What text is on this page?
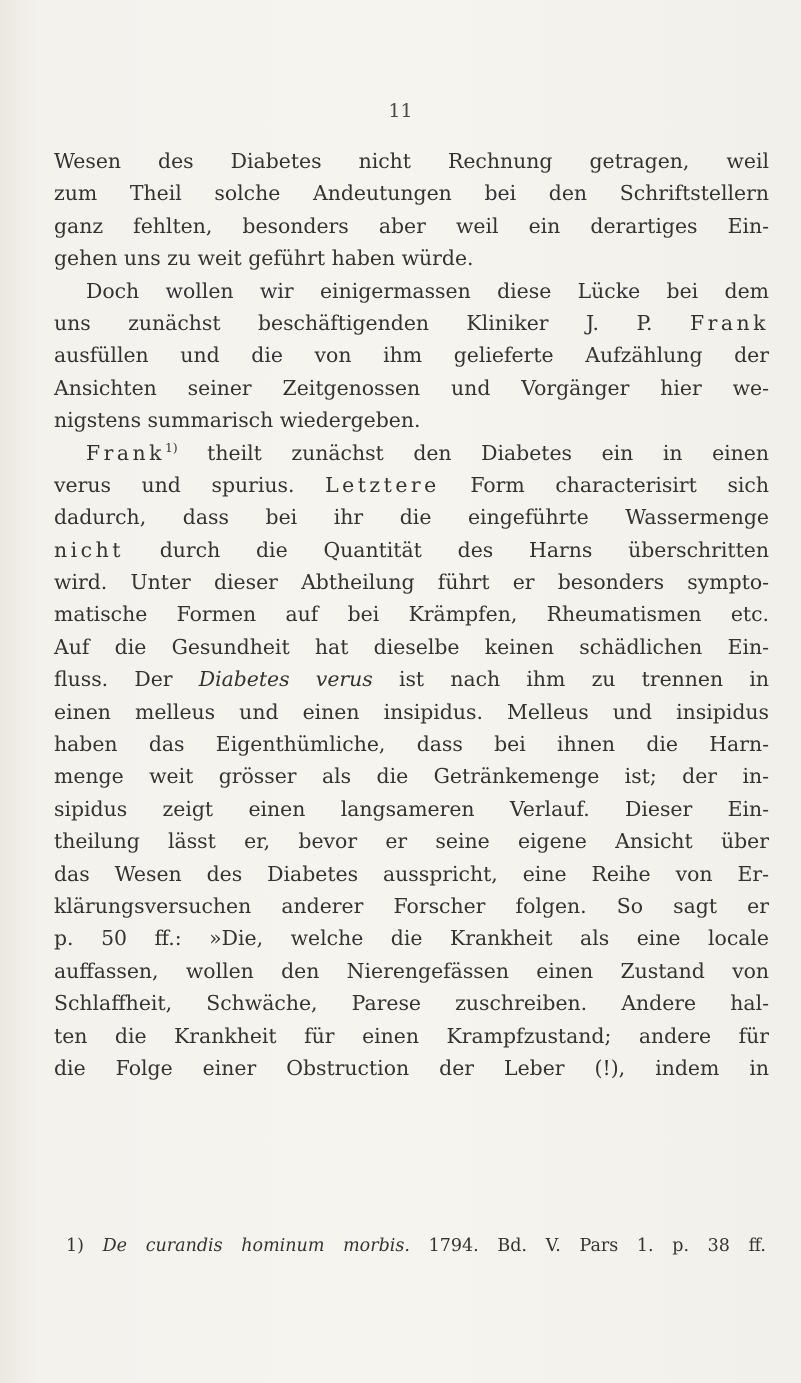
11
Wesen des Diabetes nicht Rechnung getragen, weil
zum Theil solche Andeutungen bei den Schriftstellern
ganz fehlten, besonders aber weil ein derartiges Ein-
gehen uns zu weit geführt haben würde.
Doch wollen wir einigermassen diese Lücke bei dem
uns zunächst beschäftigenden Kliniker J. P. Frank
ausfüllen und die von ihm gelieferte Aufzählung der
Ansichten seiner Zeitgenossen und Vorgänger hier we-
nigstens summarisch wiedergeben.
Frank$^{1)}$ theilt zunächst den Diabetes ein in einen
verus und spurius. Letztere Form characterisirt sich
dadurch, dass bei ihr die eingeführte Wassermenge
nicht durch die Quantität des Harns überschritten
wird. Unter dieser Abtheilung führt er besonders sympto-
matische Formen auf bei Krämpfen, Rheumatismen etc.
Auf die Gesundheit hat dieselbe keinen schädlichen Ein-
fluss. Der Diabetes verus ist nach ihm zu trennen in
einen melleus und einen insipidus. Melleus und insipidus
haben das Eigenthümliche, dass bei ihnen die Harn-
menge weit grösser als die Getränkemenge ist; der in-
sipidus zeigt einen langsameren Verlauf. Dieser Ein-
theilung lässt er, bevor er seine eigene Ansicht über
das Wesen des Diabetes ausspricht, eine Reihe von Er-
klärungsversuchen anderer Forscher folgen. So sagt er
p. 50 ff.: »Die, welche die Krankheit als eine locale
auffassen, wollen den Nierengefässen einen Zustand von
Schlaffheit, Schwäche, Parese zuschreiben. Andere hal-
ten die Krankheit für einen Krampfzustand; andere für
die Folge einer Obstruction der Leber (!), indem in
1) De curandis hominum morbis. 1794. Bd. V. Pars 1. p. 38 ff.
